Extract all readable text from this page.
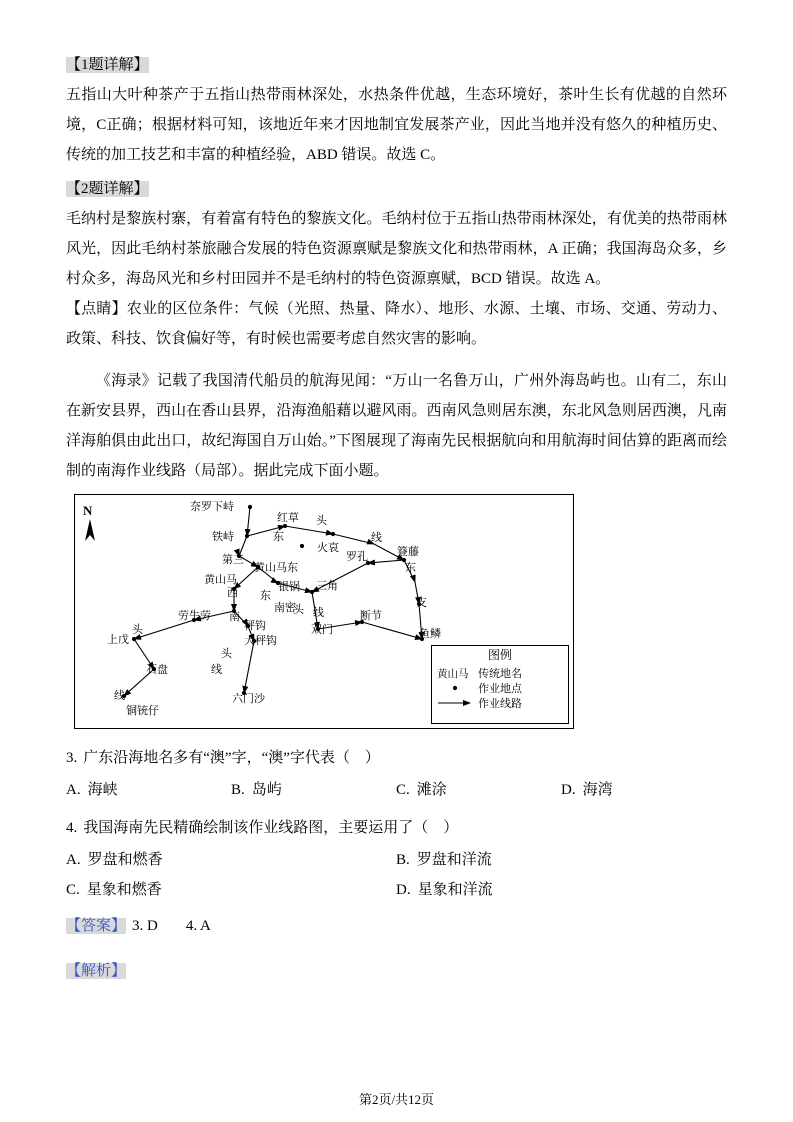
【1题详解】

五指山大叶种茶产于五指山热带雨林深处，水热条件优越，生态环境好，茶叶生长有优越的自然环境，C正确；根据材料可知，该地近年来才因地制宜发展茶产业，因此当地并没有悠久的种植历史、传统的加工技艺和丰富的种植经验，ABD 错误。故选 C。

【2题详解】

毛纳村是黎族村寨，有着富有特色的黎族文化。毛纳村位于五指山热带雨林深处，有优美的热带雨林风光，因此毛纳村茶旅融合发展的特色资源禀赋是黎族文化和热带雨林，A 正确；我国海岛众多，乡村众多，海岛风光和乡村田园并不是毛纳村的特色资源禀赋，BCD 错误。故选 A。

【点睛】农业的区位条件：气候（光照、热量、降水）、地形、水源、土壤、市场、交通、劳动力、政策、科技、饮食偏好等，有时候也需要考虑自然灾害的影响。

《海录》记载了我国清代船员的航海见闻：“万山一名鲁万山，广州外海岛屿也。山有二，东山在新安县界，西山在香山县界，沿海渔船藉以避风雨。西南风急则居东澳，东北风急则居西澳，凡南洋海舶俱由此出口，故纪海国自万山始。”下图展现了海南先民根据航向和用航海时间估算的距离而绘制的南海作业线路（局部）。据此完成下面小题。

N	奈罗下峙
红草 头
铁峙	东	线
火哀
第三	罗孔	簦藤
东
黄山马东
黄山马
西	银锅 三角
东
南密
头 线	断节
支
劳牛劳 南
秤钩	双门
头
上戊	大秤钩
鱼鳞
头
石盘	线
线	六门沙
铜铳仔
图例
黄山马 传统地名
作业地点
作业线路

3. 广东沿海地名多有“澳”字，“澳”字代表（　）

A. 海峡	B. 岛屿	C. 滩涂	D. 海湾

4. 我国海南先民精确绘制该作业线路图，主要运用了（　）

A. 罗盘和燃香	B. 罗盘和洋流
C. 星象和燃香	D. 星象和洋流

【答案】 3. D 4. A

【解析】

第2页/共12页
